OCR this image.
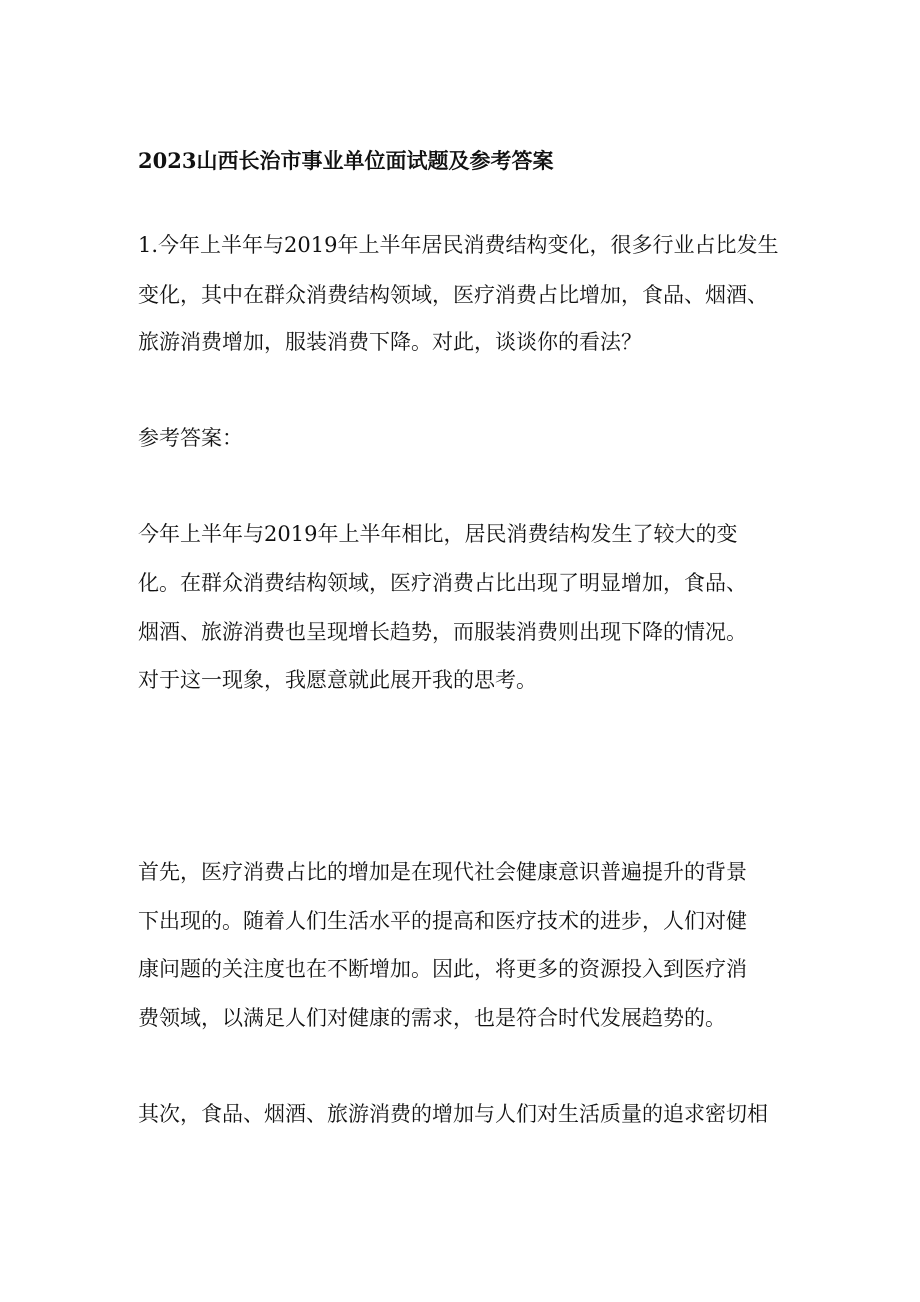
2023山西长治市事业单位面试题及参考答案
1.今年上半年与2019年上半年居民消费结构变化，很多行业占比发生
变化，其中在群众消费结构领域，医疗消费占比增加，食品、烟酒、
旅游消费增加，服装消费下降。对此，谈谈你的看法？
参考答案：
今年上半年与2019年上半年相比，居民消费结构发生了较大的变
化。在群众消费结构领域，医疗消费占比出现了明显增加，食品、
烟酒、旅游消费也呈现增长趋势，而服装消费则出现下降的情况。
对于这一现象，我愿意就此展开我的思考。
首先，医疗消费占比的增加是在现代社会健康意识普遍提升的背景
下出现的。随着人们生活水平的提高和医疗技术的进步，人们对健
康问题的关注度也在不断增加。因此，将更多的资源投入到医疗消
费领域，以满足人们对健康的需求，也是符合时代发展趋势的。
其次，食品、烟酒、旅游消费的增加与人们对生活质量的追求密切相
